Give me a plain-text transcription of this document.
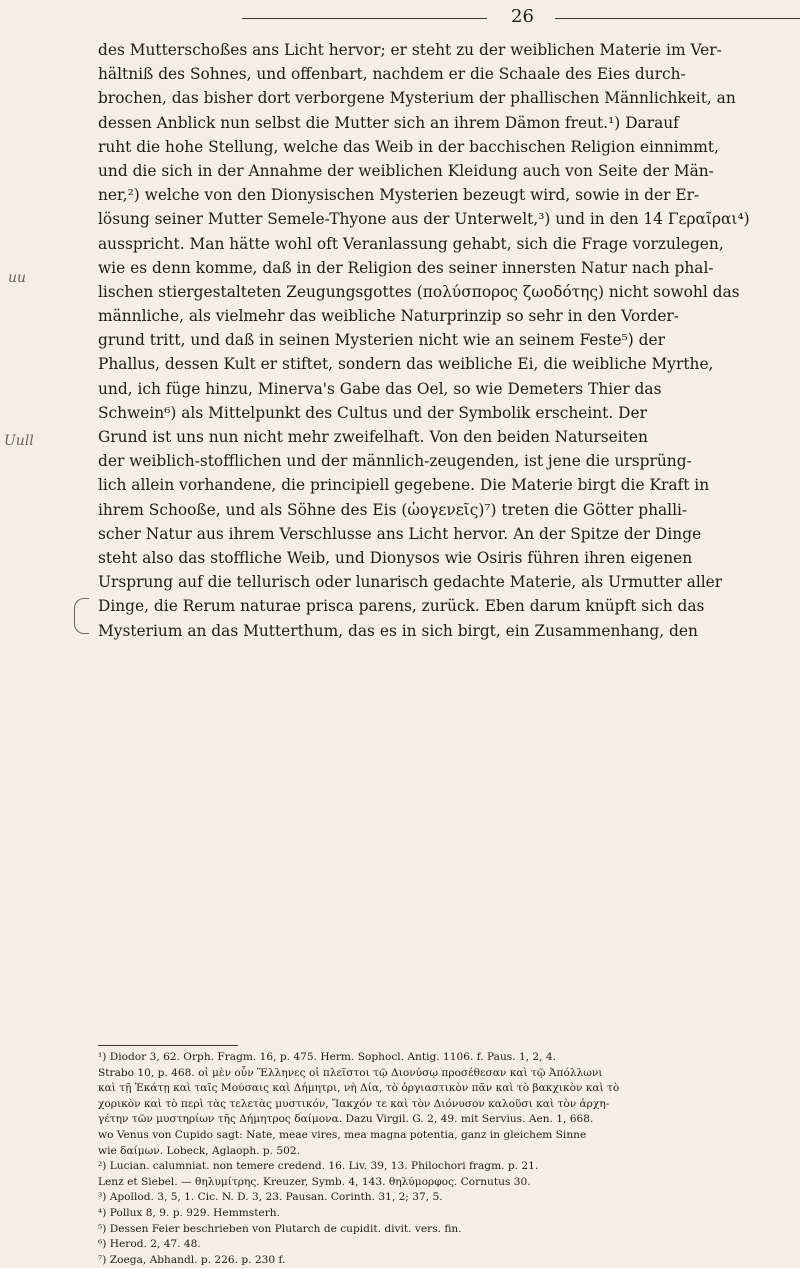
26
uu
Uull
des Mutterschoßes ans Licht hervor; er steht zu der weiblichen Materie im Ver-
hältniß des Sohnes, und offenbart, nachdem er die Schaale des Eies durch-
brochen, das bisher dort verborgene Mysterium der phallischen Männlichkeit, an
dessen Anblick nun selbst die Mutter sich an ihrem Dämon freut.¹) Darauf
ruht die hohe Stellung, welche das Weib in der bacchischen Religion einnimmt,
und die sich in der Annahme der weiblichen Kleidung auch von Seite der Män-
ner,²) welche von den Dionysischen Mysterien bezeugt wird, sowie in der Er-
lösung seiner Mutter Semele-Thyone aus der Unterwelt,³) und in den 14 Γεραῖραι⁴)
ausspricht. Man hätte wohl oft Veranlassung gehabt, sich die Frage vorzulegen,
wie es denn komme, daß in der Religion des seiner innersten Natur nach phal-
lischen stiergestalteten Zeugungsgottes (πολύσπορος ζωοδότης) nicht sowohl das
männliche, als vielmehr das weibliche Naturprinzip so sehr in den Vorder-
grund tritt, und daß in seinen Mysterien nicht wie an seinem Feste⁵) der
Phallus, dessen Kult er stiftet, sondern das weibliche Ei, die weibliche Myrthe,
und, ich füge hinzu, Minerva's Gabe das Oel, so wie Demeters Thier das
Schwein⁶) als Mittelpunkt des Cultus und der Symbolik erscheint. Der
Grund ist uns nun nicht mehr zweifelhaft. Von den beiden Naturseiten
der weiblich-stofflichen und der männlich-zeugenden, ist jene die ursprüng-
lich allein vorhandene, die principiell gegebene. Die Materie birgt die Kraft in
ihrem Schooße, und als Söhne des Eis (ὠογενεῖς)⁷) treten die Götter phalli-
scher Natur aus ihrem Verschlusse ans Licht hervor. An der Spitze der Dinge
steht also das stoffliche Weib, und Dionysos wie Osiris führen ihren eigenen
Ursprung auf die tellurisch oder lunarisch gedachte Materie, als Urmutter aller
Dinge, die Rerum naturae prisca parens, zurück. Eben darum knüpft sich das
Mysterium an das Mutterthum, das es in sich birgt, ein Zusammenhang, den
¹) Diodor 3, 62. Orph. Fragm. 16, p. 475. Herm. Sophocl. Antig. 1106. f. Paus. 1, 2, 4.
Strabo 10, p. 468. οἱ μὲν οὖν Ἕλληνες οἱ πλεῖστοι τῷ Διονύσῳ προσέθεσαν καὶ τῷ Ἀπόλλωνι
καὶ τῇ Ἑκάτῃ καὶ ταῖς Μούσαις καὶ Δήμητρι, νὴ Δία, τὸ ὀργιαστικὸν πᾶν καὶ τὸ βακχικὸν καὶ τὸ
χορικὸν καὶ τὸ περὶ τὰς τελετὰς μυστικόν, Ἴακχόν τε καὶ τὸν Διόνυσον καλοῦσι καὶ τὸν ἀρχη-
γέτην τῶν μυστηρίων τῆς Δήμητρος δαίμονα. Dazu Virgil. G. 2, 49. mit Servius. Aen. 1, 668.
wo Venus von Cupido sagt: Nate, meae vires, mea magna potentia, ganz in gleichem Sinne
wie δαίμων. Lobeck, Aglaoph. p. 502.
²) Lucian. calumniat. non temere credend. 16. Liv. 39, 13. Philochori fragm. p. 21.
Lenz et Siebel. — θηλυμίτρης. Kreuzer, Symb. 4, 143. θηλύμορφος. Cornutus 30.
³) Apollod. 3, 5, 1. Cic. N. D. 3, 23. Pausan. Corinth. 31, 2; 37, 5.
⁴) Pollux 8, 9. p. 929. Hemmsterh.
⁵) Dessen Feier beschrieben von Plutarch de cupidit. divit. vers. fin.
⁶) Herod. 2, 47. 48.
⁷) Zoega, Abhandl. p. 226. p. 230 f.
